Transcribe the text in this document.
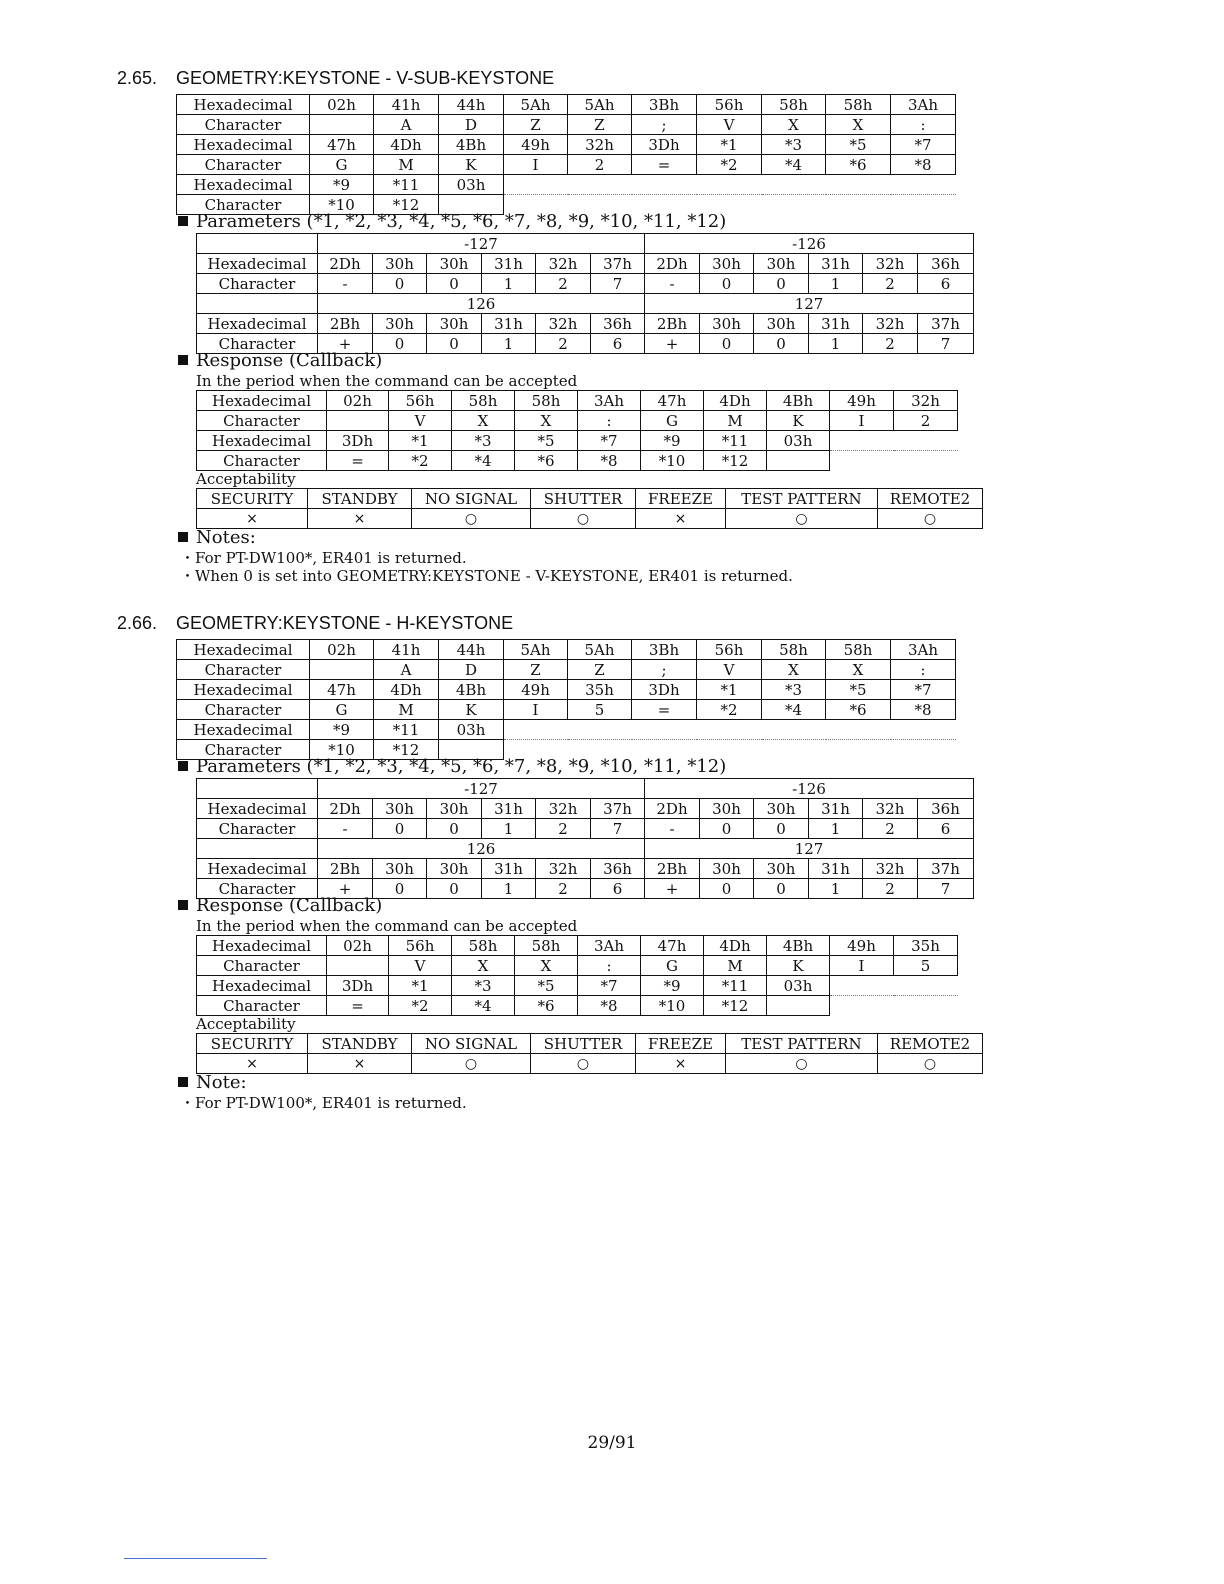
2.65. GEOMETRY:KEYSTONE - V-SUB-KEYSTONE
Hexadecimal	02h	41h	44h	5Ah	5Ah	3Bh	56h	58h	58h	3Ah
Character		A	D	Z	Z	;	V	X	X	:
Hexadecimal	47h	4Dh	4Bh	49h	32h	3Dh	*1	*3	*5	*7
Character	G	M	K	I	2	=	*2	*4	*6	*8
Hexadecimal	*9	*11	03h							
Character	*10	*12								
Parameters (*1, *2, *3, *4, *5, *6, *7, *8, *9, *10, *11, *12)
	-127						-126					
Hexadecimal	2Dh	30h	30h	31h	32h	37h	2Dh	30h	30h	31h	32h	36h
Character	-	0	0	1	2	7	-	0	0	1	2	6
	126						127					
Hexadecimal	2Bh	30h	30h	31h	32h	36h	2Bh	30h	30h	31h	32h	37h
Character	+	0	0	1	2	6	+	0	0	1	2	7
Response (Callback)
In the period when the command can be accepted
Hexadecimal	02h	56h	58h	58h	3Ah	47h	4Dh	4Bh	49h	32h
Character		V	X	X	:	G	M	K	I	2
Hexadecimal	3Dh	*1	*3	*5	*7	*9	*11	03h		
Character	=	*2	*4	*6	*8	*10	*12			
Acceptability
SECURITY	STANDBY	NO SIGNAL	SHUTTER	FREEZE	TEST PATTERN	REMOTE2
×	×	○	○	×	○	○
Notes:
・For PT-DW100*, ER401 is returned.
・When 0 is set into GEOMETRY:KEYSTONE - V-KEYSTONE, ER401 is returned.
2.66. GEOMETRY:KEYSTONE - H-KEYSTONE
Hexadecimal	02h	41h	44h	5Ah	5Ah	3Bh	56h	58h	58h	3Ah
Character		A	D	Z	Z	;	V	X	X	:
Hexadecimal	47h	4Dh	4Bh	49h	35h	3Dh	*1	*3	*5	*7
Character	G	M	K	I	5	=	*2	*4	*6	*8
Hexadecimal	*9	*11	03h							
Character	*10	*12								
Parameters (*1, *2, *3, *4, *5, *6, *7, *8, *9, *10, *11, *12)
	-127						-126					
Hexadecimal	2Dh	30h	30h	31h	32h	37h	2Dh	30h	30h	31h	32h	36h
Character	-	0	0	1	2	7	-	0	0	1	2	6
	126						127					
Hexadecimal	2Bh	30h	30h	31h	32h	36h	2Bh	30h	30h	31h	32h	37h
Character	+	0	0	1	2	6	+	0	0	1	2	7
Response (Callback)
In the period when the command can be accepted
Hexadecimal	02h	56h	58h	58h	3Ah	47h	4Dh	4Bh	49h	35h
Character		V	X	X	:	G	M	K	I	5
Hexadecimal	3Dh	*1	*3	*5	*7	*9	*11	03h		
Character	=	*2	*4	*6	*8	*10	*12			
Acceptability
SECURITY	STANDBY	NO SIGNAL	SHUTTER	FREEZE	TEST PATTERN	REMOTE2
×	×	○	○	×	○	○
Note:
・For PT-DW100*, ER401 is returned.
29/91
